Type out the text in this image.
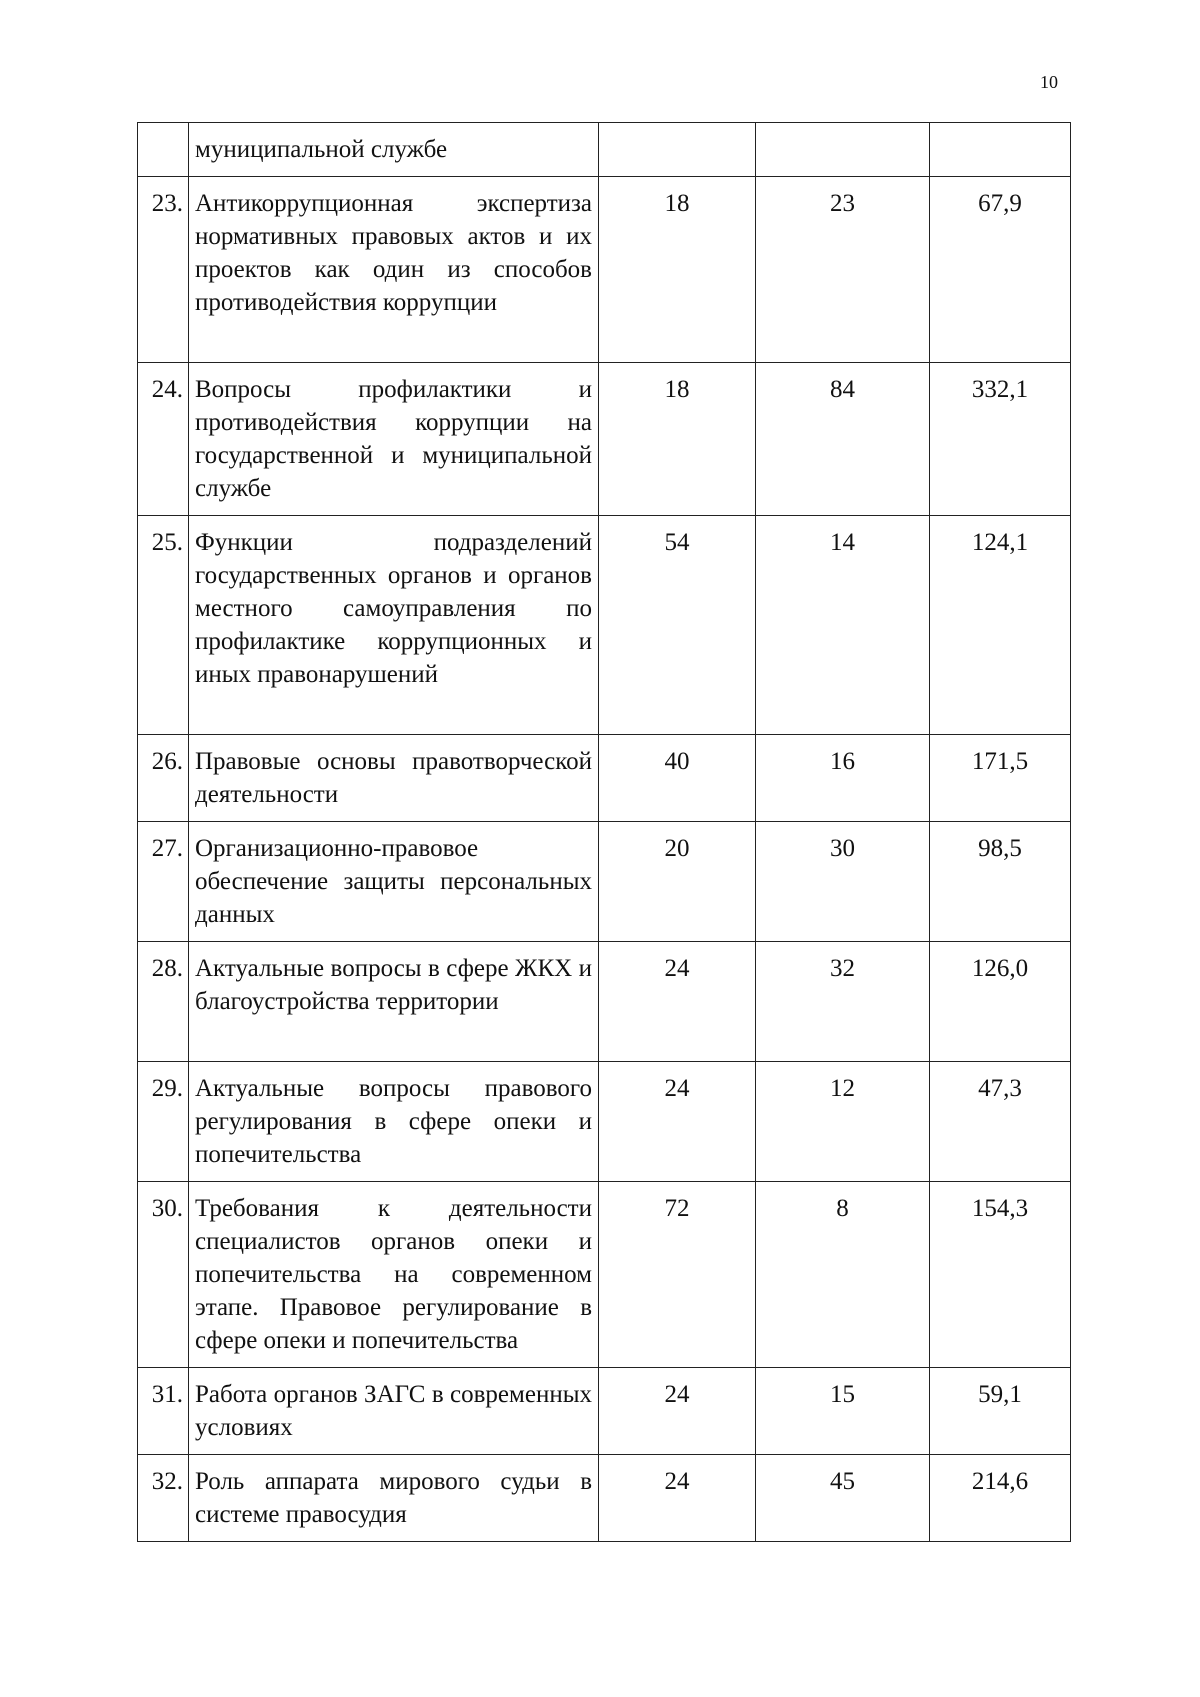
10
	муниципальной службе			
23.	Антикоррупционная экспертиза нормативных правовых актов и их проектов как один из способов противодействия коррупции	18	23	67,9
24.	Вопросы профилактики и противодействия коррупции на государственной и муниципальной службе	18	84	332,1
25.	Функции подразделений государственных органов и органов местного самоуправления по профилактике коррупционных и иных правонарушений	54	14	124,1
26.	Правовые основы правотворческой деятельности	40	16	171,5
27.	Организационно-правовое обеспечение защиты персональных данных	20	30	98,5
28.	Актуальные вопросы в сфере ЖКХ и благоустройства территории	24	32	126,0
29.	Актуальные вопросы правового регулирования в сфере опеки и попечительства	24	12	47,3
30.	Требования к деятельности специалистов органов опеки и попечительства на современном этапе. Правовое регулирование в сфере опеки и попечительства	72	8	154,3
31.	Работа органов ЗАГС в современных условиях	24	15	59,1
32.	Роль аппарата мирового судьи в системе правосудия	24	45	214,6
